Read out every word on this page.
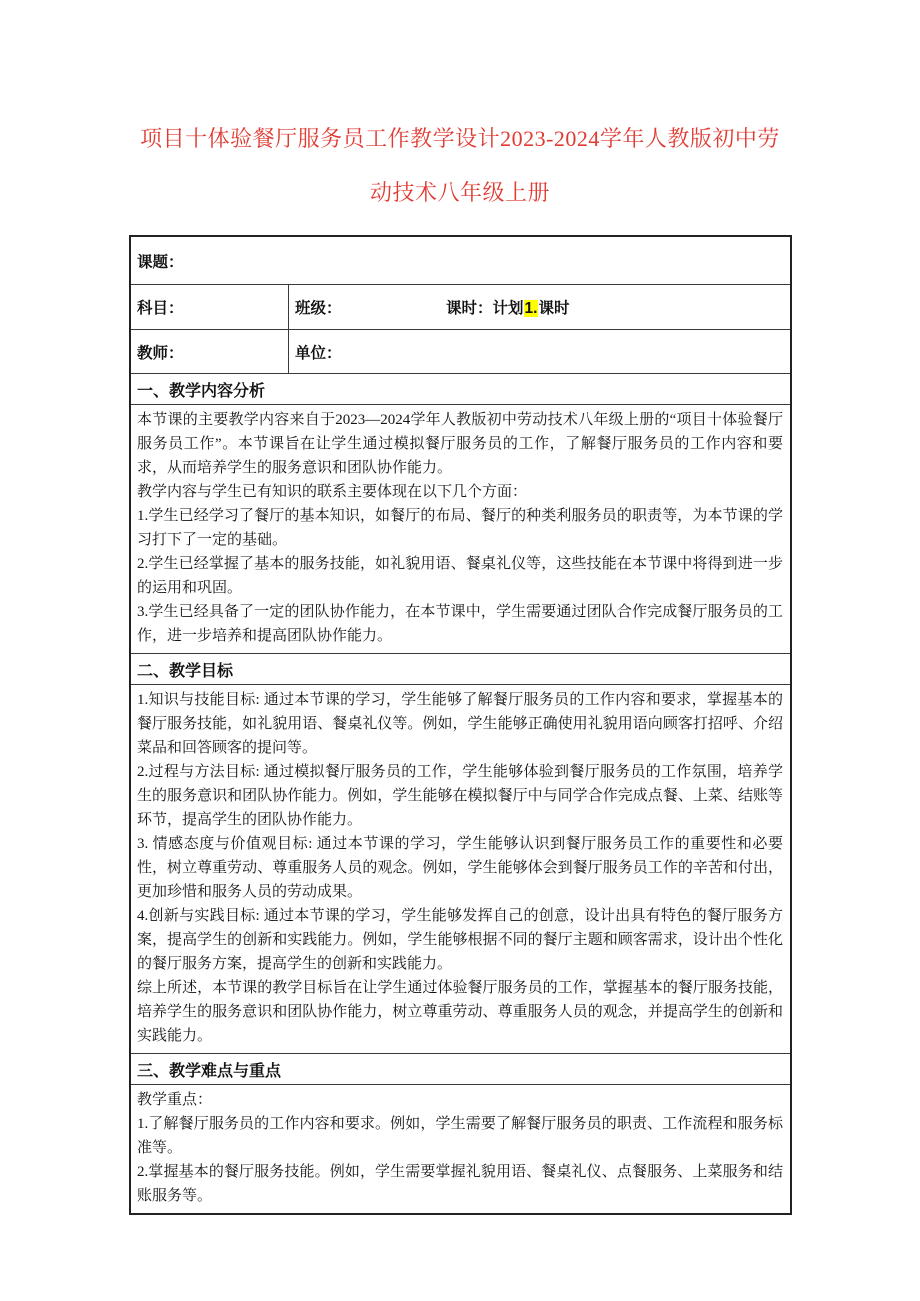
项目十体验餐厅服务员工作教学设计2023-2024学年人教版初中劳
动技术八年级上册
课题：
科目：	班级：	课时：计划1.课时
教师：	单位：
一、教学内容分析

本节课的主要教学内容来自于2023—2024学年人教版初中劳动技术八年级上册的“项目十体验餐厅服务员工作”。本节课旨在让学生通过模拟餐厅服务员的工作，了解餐厅服务员的工作内容和要求，从而培养学生的服务意识和团队协作能力。

教学内容与学生已有知识的联系主要体现在以下几个方面：

1.学生已经学习了餐厅的基本知识，如餐厅的布局、餐厅的种类利服务员的职责等，为本节课的学习打下了一定的基础。

2.学生已经掌握了基本的服务技能，如礼貌用语、餐桌礼仪等，这些技能在本节课中将得到进一步的运用和巩固。

3.学生已经具备了一定的团队协作能力，在本节课中，学生需要通过团队合作完成餐厅服务员的工作，进一步培养和提高团队协作能力。

二、教学目标

1.知识与技能目标: 通过本节课的学习，学生能够了解餐厅服务员的工作内容和要求，掌握基本的餐厅服务技能，如礼貌用语、餐桌礼仪等。例如，学生能够正确使用礼貌用语向顾客打招呼、介绍菜品和回答顾客的提问等。

2.过程与方法目标: 通过模拟餐厅服务员的工作，学生能够体验到餐厅服务员的工作氛围，培养学生的服务意识和团队协作能力。例如，学生能够在模拟餐厅中与同学合作完成点餐、上菜、结账等环节，提高学生的团队协作能力。

3. 情感态度与价值观目标: 通过本节课的学习，学生能够认识到餐厅服务员工作的重要性和必要性，树立尊重劳动、尊重服务人员的观念。例如，学生能够体会到餐厅服务员工作的辛苦和付出，更加珍惜和服务人员的劳动成果。

4.创新与实践目标: 通过本节课的学习，学生能够发挥自己的创意，设计出具有特色的餐厅服务方案，提高学生的创新和实践能力。例如，学生能够根据不同的餐厅主题和顾客需求，设计出个性化的餐厅服务方案，提高学生的创新和实践能力。

综上所述，本节课的教学目标旨在让学生通过体验餐厅服务员的工作，掌握基本的餐厅服务技能，培养学生的服务意识和团队协作能力，树立尊重劳动、尊重服务人员的观念，并提高学生的创新和实践能力。

三、教学难点与重点

教学重点：

1.了解餐厅服务员的工作内容和要求。例如，学生需要了解餐厅服务员的职责、工作流程和服务标准等。

2.掌握基本的餐厅服务技能。例如，学生需要掌握礼貌用语、餐桌礼仪、点餐服务、上菜服务和结账服务等。
